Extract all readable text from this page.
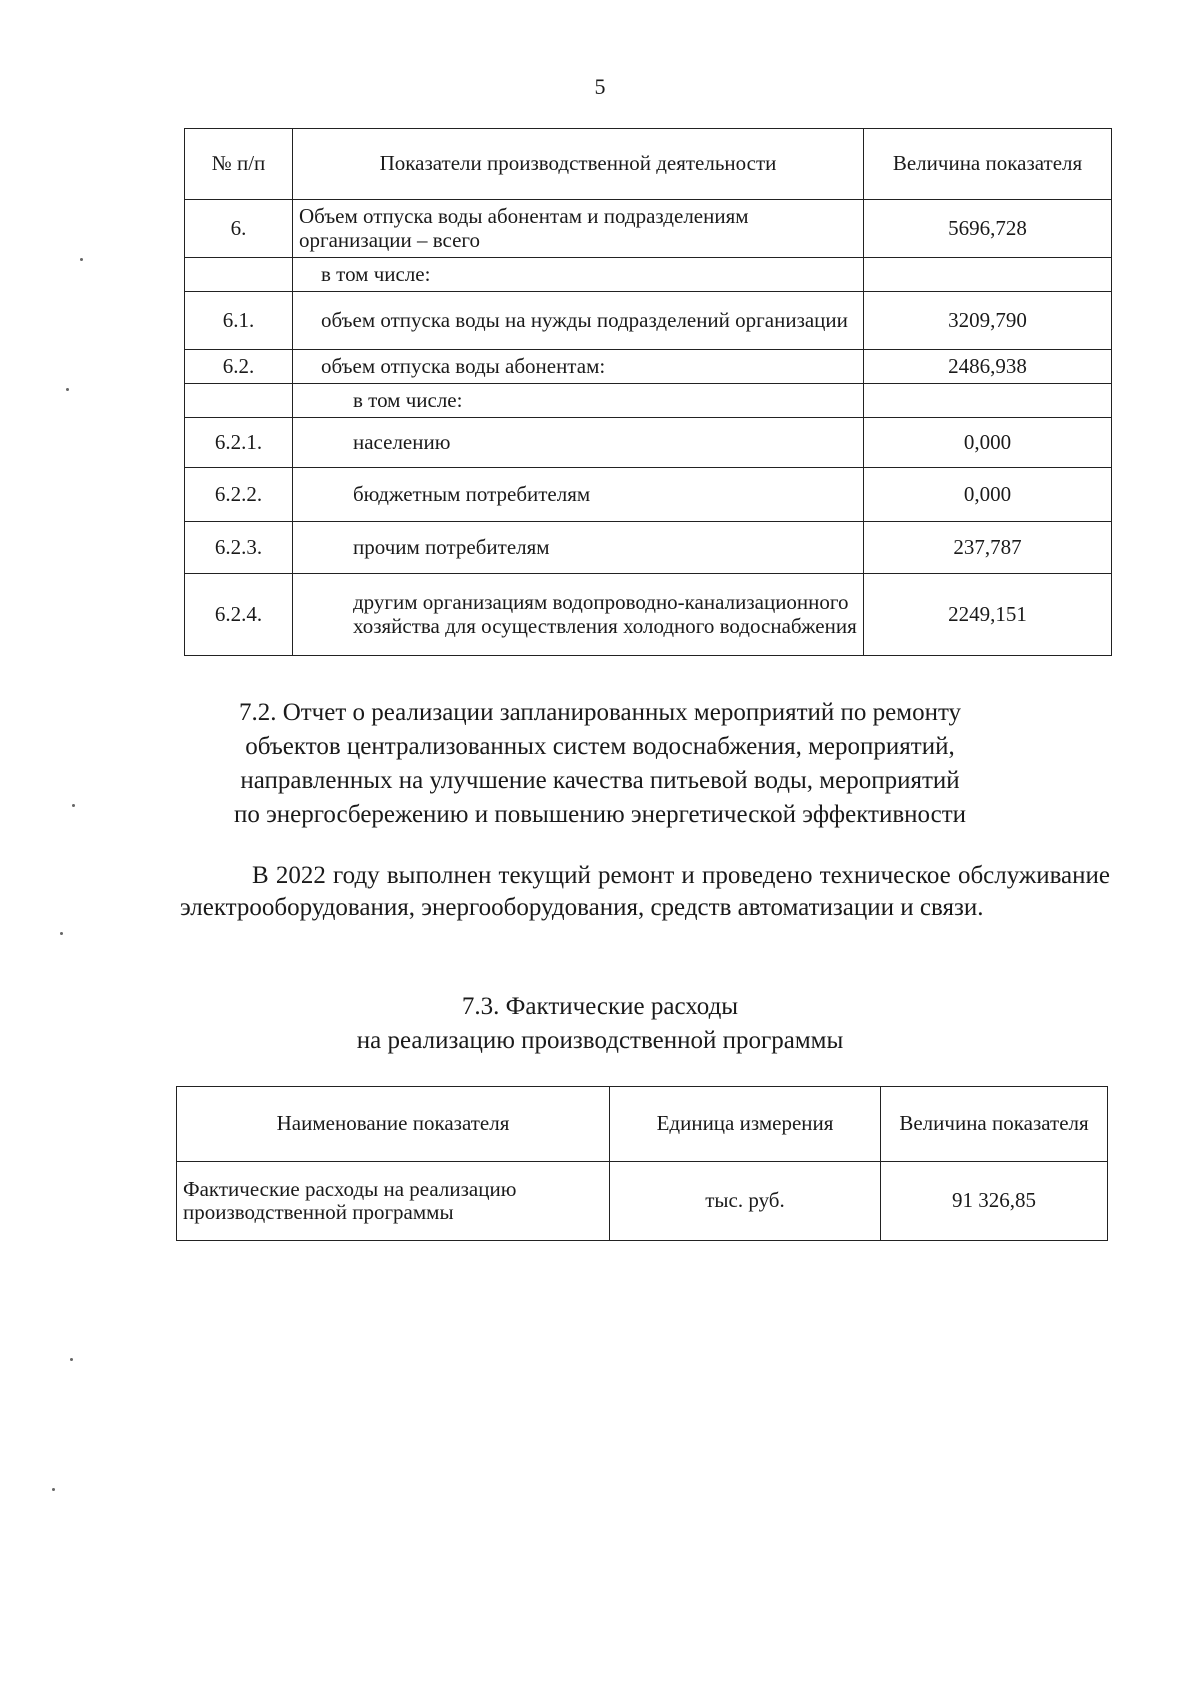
5
№ п/п	Показатели производственной деятельности	Величина показателя
6.	Объем отпуска воды абонентам и подразделениям организации – всего	5696,728
	в том числе:	
6.1.	объем отпуска воды на нужды подразделений организации	3209,790
6.2.	объем отпуска воды абонентам:	2486,938
	в том числе:	
6.2.1.	населению	0,000
6.2.2.	бюджетным потребителям	0,000
6.2.3.	прочим потребителям	237,787
6.2.4.	другим организациям водопроводно-канализационного хозяйства для осуществления холодного водоснабжения	2249,151
7.2. Отчет о реализации запланированных мероприятий по ремонту
объектов централизованных систем водоснабжения, мероприятий,
направленных на улучшение качества питьевой воды, мероприятий
по энергосбережению и повышению энергетической эффективности
В 2022 году выполнен текущий ремонт и проведено техническое обслуживание электрооборудования, энергооборудования, средств автоматизации и связи.
7.3. Фактические расходы
на реализацию производственной программы
Наименование показателя	Единица измерения	Величина показателя
Фактические расходы на реализацию производственной программы	тыс. руб.	91 326,85
